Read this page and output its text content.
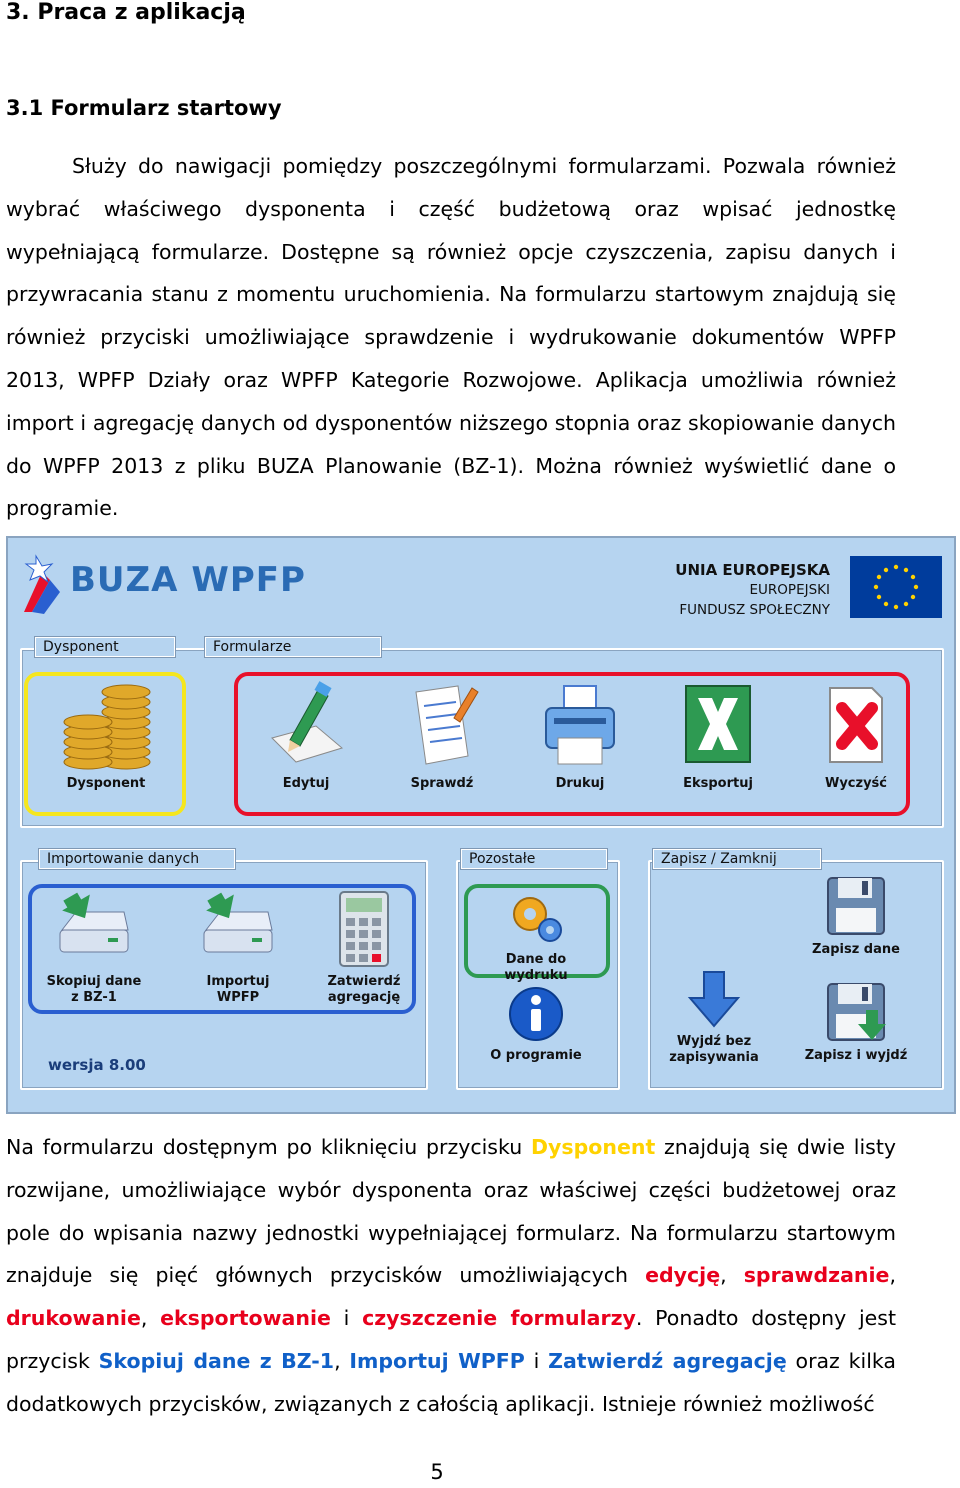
3. Praca z aplikacją
3.1 Formularz startowy
Służy do nawigacji pomiędzy poszczególnymi formularzami. Pozwala również wybrać właściwego dysponenta i część budżetową oraz wpisać jednostkę wypełniającą formularze. Dostępne są również opcje czyszczenia, zapisu danych i przywracania stanu z momentu uruchomienia. Na formularzu startowym znajdują się również przyciski umożliwiające sprawdzenie i wydrukowanie dokumentów WPFP 2013, WPFP Działy oraz WPFP Kategorie Rozwojowe. Aplikacja umożliwia również import i agregację danych od dysponentów niższego stopnia oraz skopiowanie danych do WPFP 2013 z pliku BUZA Planowanie (BZ-1). Można również wyświetlić dane o programie.
BUZA WPFP	UNIA EUROPEJSKA
EUROPEJSKI
FUNDUSZ SPOŁECZNY
Dysponent	Formularze
Dysponent	Edytuj	Sprawdź	Drukuj	Eksportuj	Wyczyść
Importowanie danych	Pozostałe	Zapisz / Zamknij
Skopiuj dane
z BZ-1
Importuj
WPFP
Zatwierdź
agregację
Dane do wydruku
O programie
Wyjdź bez
zapisywania
Zapisz dane
Zapisz i wyjdź
wersja 8.00
Na formularzu dostępnym po kliknięciu przycisku Dysponent znajdują się dwie listy rozwijane, umożliwiające wybór dysponenta oraz właściwej części budżetowej oraz pole do wpisania nazwy jednostki wypełniającej formularz. Na formularzu startowym znajduje się pięć głównych przycisków umożliwiających edycję, sprawdzanie, drukowanie, eksportowanie i czyszczenie formularzy. Ponadto dostępny jest przycisk Skopiuj dane z BZ-1, Importuj WPFP i Zatwierdź agregację oraz kilka dodatkowych przycisków, związanych z całością aplikacji. Istnieje również możliwość
5
